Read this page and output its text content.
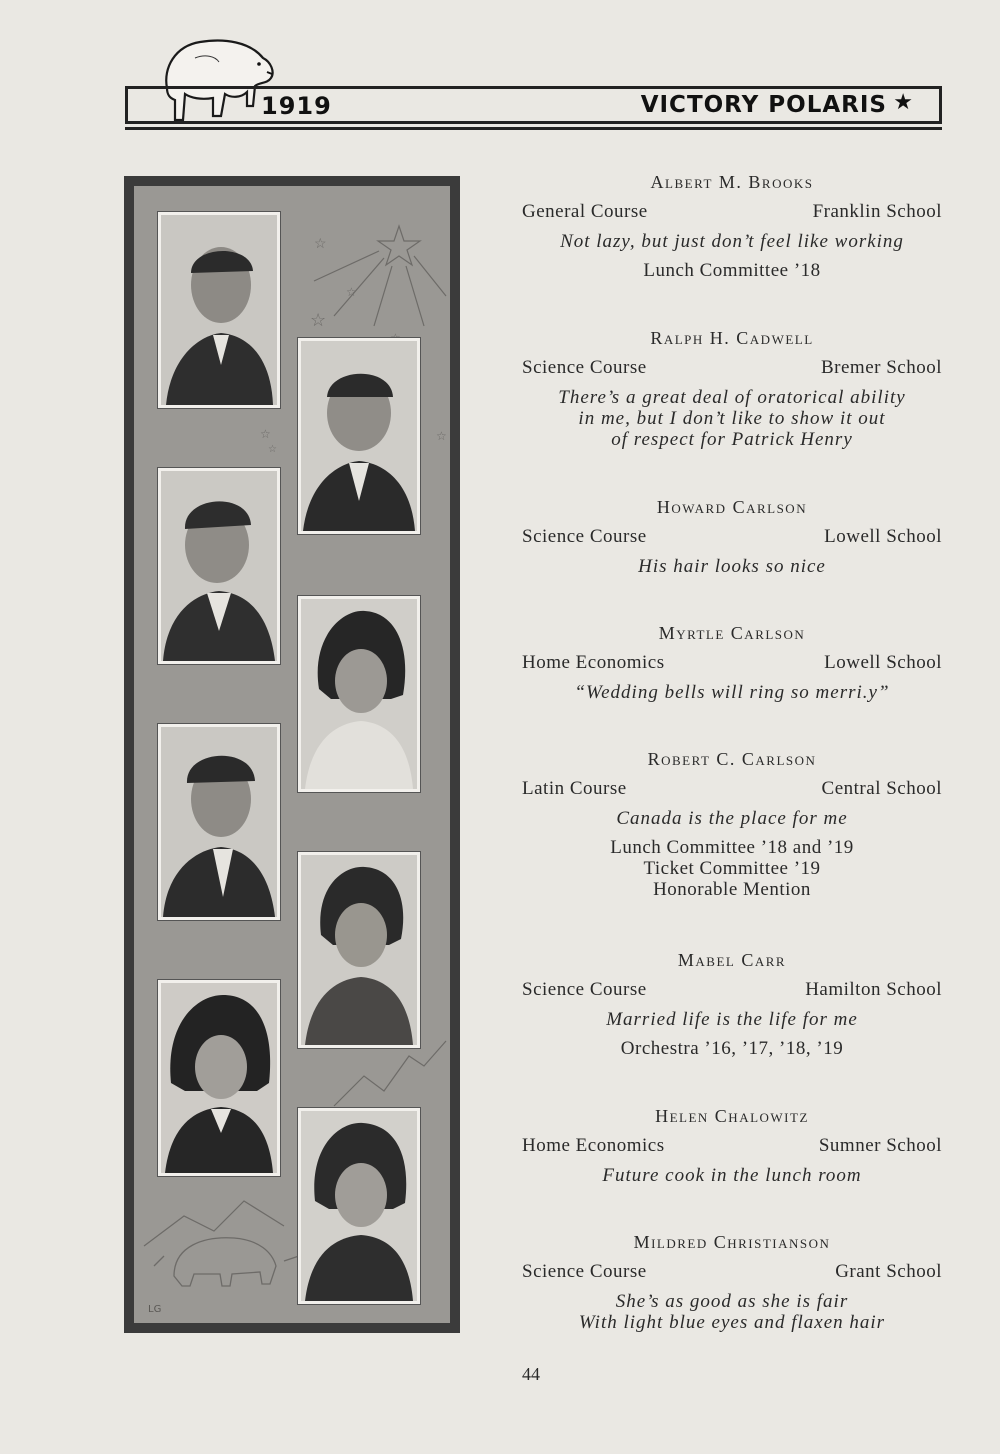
1919	VICTORY POLARIS ★
☆
☆
☆
☆	☆
☆
LG
Albert M. Brooks
General Course	Franklin School
Not lazy, but just don’t feel like working
Lunch Committee ’18
Ralph H. Cadwell
Science Course	Bremer School
There’s a great deal of oratorical ability
in me, but I don’t like to show it out
of respect for Patrick Henry
Howard Carlson
Science Course	Lowell School
His hair looks so nice
Myrtle Carlson
Home Economics	Lowell School
“Wedding bells will ring so merri.y”
Robert C. Carlson
Latin Course	Central School
Canada is the place for me
Lunch Committee ’18 and ’19
Ticket Committee ’19
Honorable Mention
Mabel Carr
Science Course	Hamilton School
Married life is the life for me
Orchestra ’16, ’17, ’18, ’19
Helen Chalowitz
Home Economics	Sumner School
Future cook in the lunch room
Mildred Christianson
Science Course	Grant School
She’s as good as she is fair
With light blue eyes and flaxen hair
44
